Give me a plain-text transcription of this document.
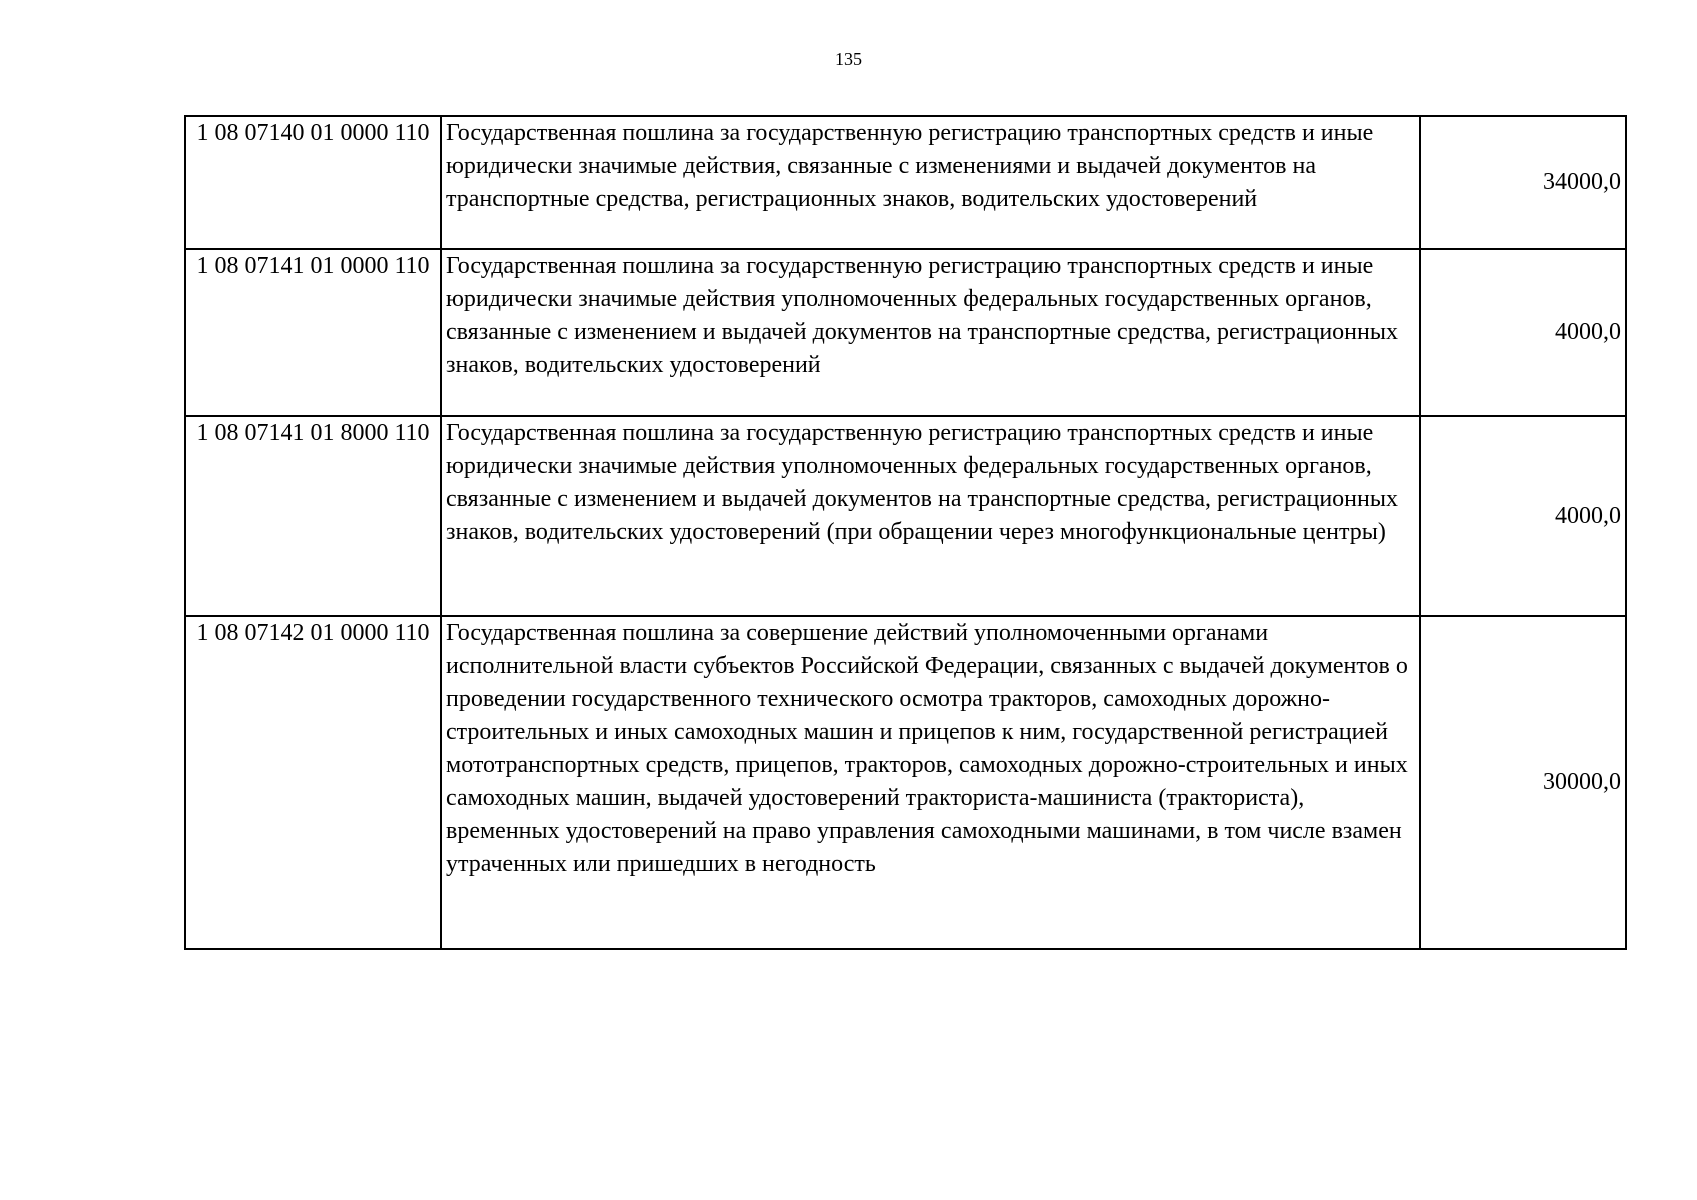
135
1 08 07140 01 0000 110	Государственная пошлина за государственную регистрацию транспортных средств и иные юридически значимые действия, связанные с изменениями и выдачей документов на транспортные средства, регистрационных знаков, водительских удостоверений	34000,0
1 08 07141 01 0000 110	Государственная пошлина за государственную регистрацию транспортных средств и иные юридически значимые действия уполномоченных федеральных государственных органов, связанные с изменением и выдачей документов на транспортные средства, регистрационных знаков, водительских удостоверений	4000,0
1 08 07141 01 8000 110	Государственная пошлина за государственную регистрацию транспортных средств и иные юридически значимые действия уполномоченных федеральных государственных органов, связанные с изменением и выдачей документов на транспортные средства, регистрационных знаков, водительских удостоверений (при обращении через многофункциональные центры)	4000,0
1 08 07142 01 0000 110	Государственная пошлина за совершение действий уполномоченными органами исполнительной власти субъектов Российской Федерации, связанных с выдачей документов о проведении государственного технического осмотра тракторов, самоходных дорожно-строительных и иных самоходных машин и прицепов к ним, государственной регистрацией мототранспортных средств, прицепов, тракторов, самоходных дорожно-строительных и иных самоходных машин, выдачей удостоверений тракториста-машиниста (тракториста), временных удостоверений на право управления самоходными машинами, в том числе взамен утраченных или пришедших в негодность	30000,0
